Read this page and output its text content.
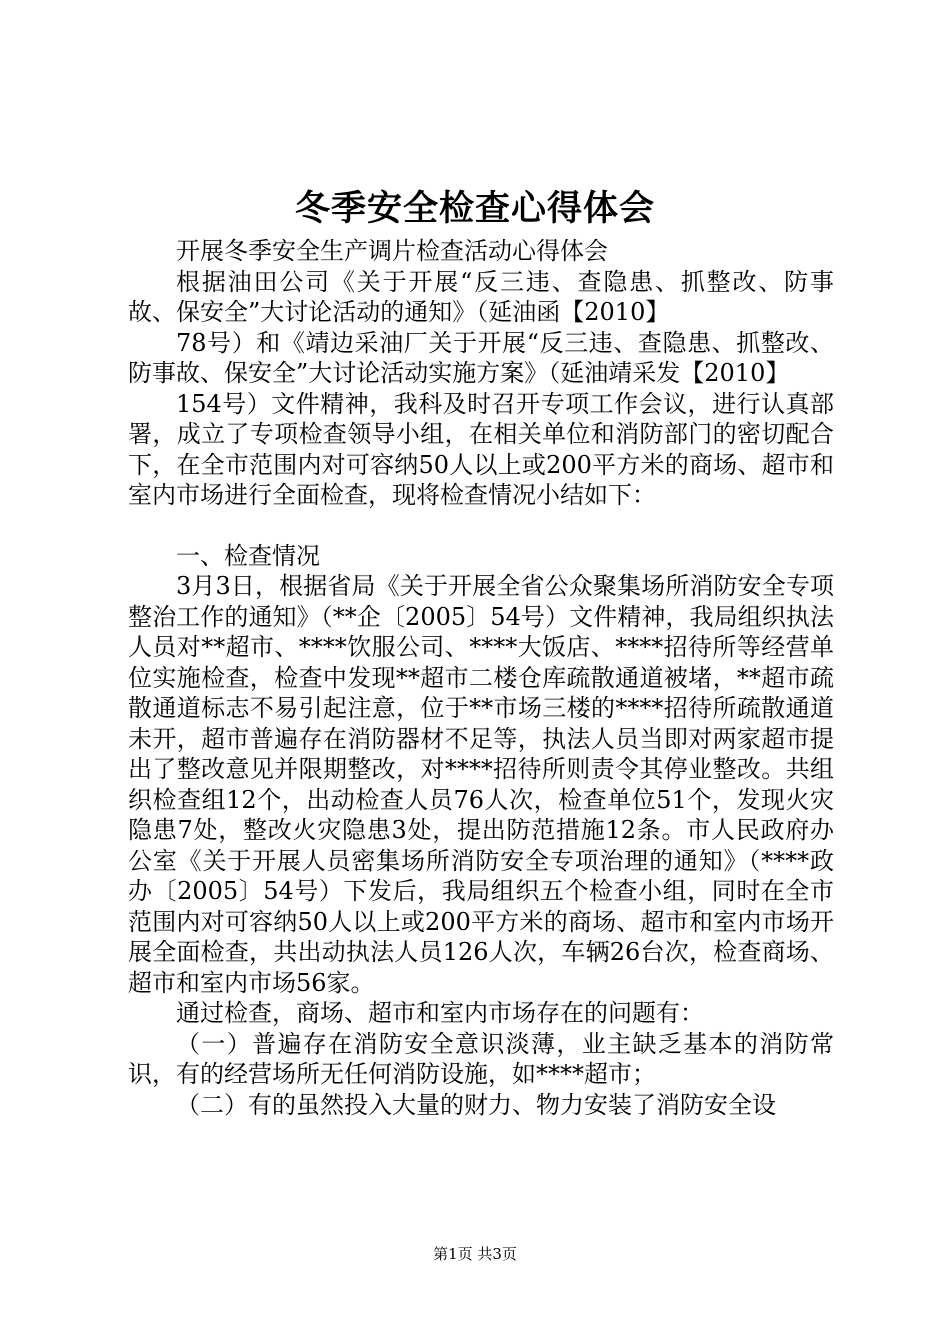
冬季安全检查心得体会

开展冬季安全生产调片检查活动心得体会

根据油田公司《关于开展“反三违、查隐患、抓整改、防事故、保安全”大讨论活动的通知》（延油函【2010】

78号）和《靖边采油厂关于开展“反三违、查隐患、抓整改、防事故、保安全”大讨论活动实施方案》（延油靖采发【2010】

154号）文件精神，我科及时召开专项工作会议，进行认真部署，成立了专项检查领导小组，在相关单位和消防部门的密切配合下，在全市范围内对可容纳50人以上或200平方米的商场、超市和室内市场进行全面检查，现将检查情况小结如下：

一、检查情况

3月3日，根据省局《关于开展全省公众聚集场所消防安全专项整治工作的通知》（**企〔2005〕54号）文件精神，我局组织执法人员对**超市、****饮服公司、****大饭店、****招待所等经营单位实施检查，检查中发现**超市二楼仓库疏散通道被堵，**超市疏散通道标志不易引起注意，位于**市场三楼的****招待所疏散通道未开，超市普遍存在消防器材不足等，执法人员当即对两家超市提出了整改意见并限期整改，对****招待所则责令其停业整改。共组织检查组12个，出动检查人员76人次，检查单位51个，发现火灾隐患7处，整改火灾隐患3处，提出防范措施12条。市人民政府办公室《关于开展人员密集场所消防安全专项治理的通知》（****政办〔2005〕54号）下发后，我局组织五个检查小组，同时在全市范围内对可容纳50人以上或200平方米的商场、超市和室内市场开展全面检查，共出动执法人员126人次，车辆26台次，检查商场、超市和室内市场56家。

通过检查，商场、超市和室内市场存在的问题有：

（一）普遍存在消防安全意识淡薄，业主缺乏基本的消防常识，有的经营场所无任何消防设施，如****超市；

（二）有的虽然投入大量的财力、物力安装了消防安全设

第1页 共3页
